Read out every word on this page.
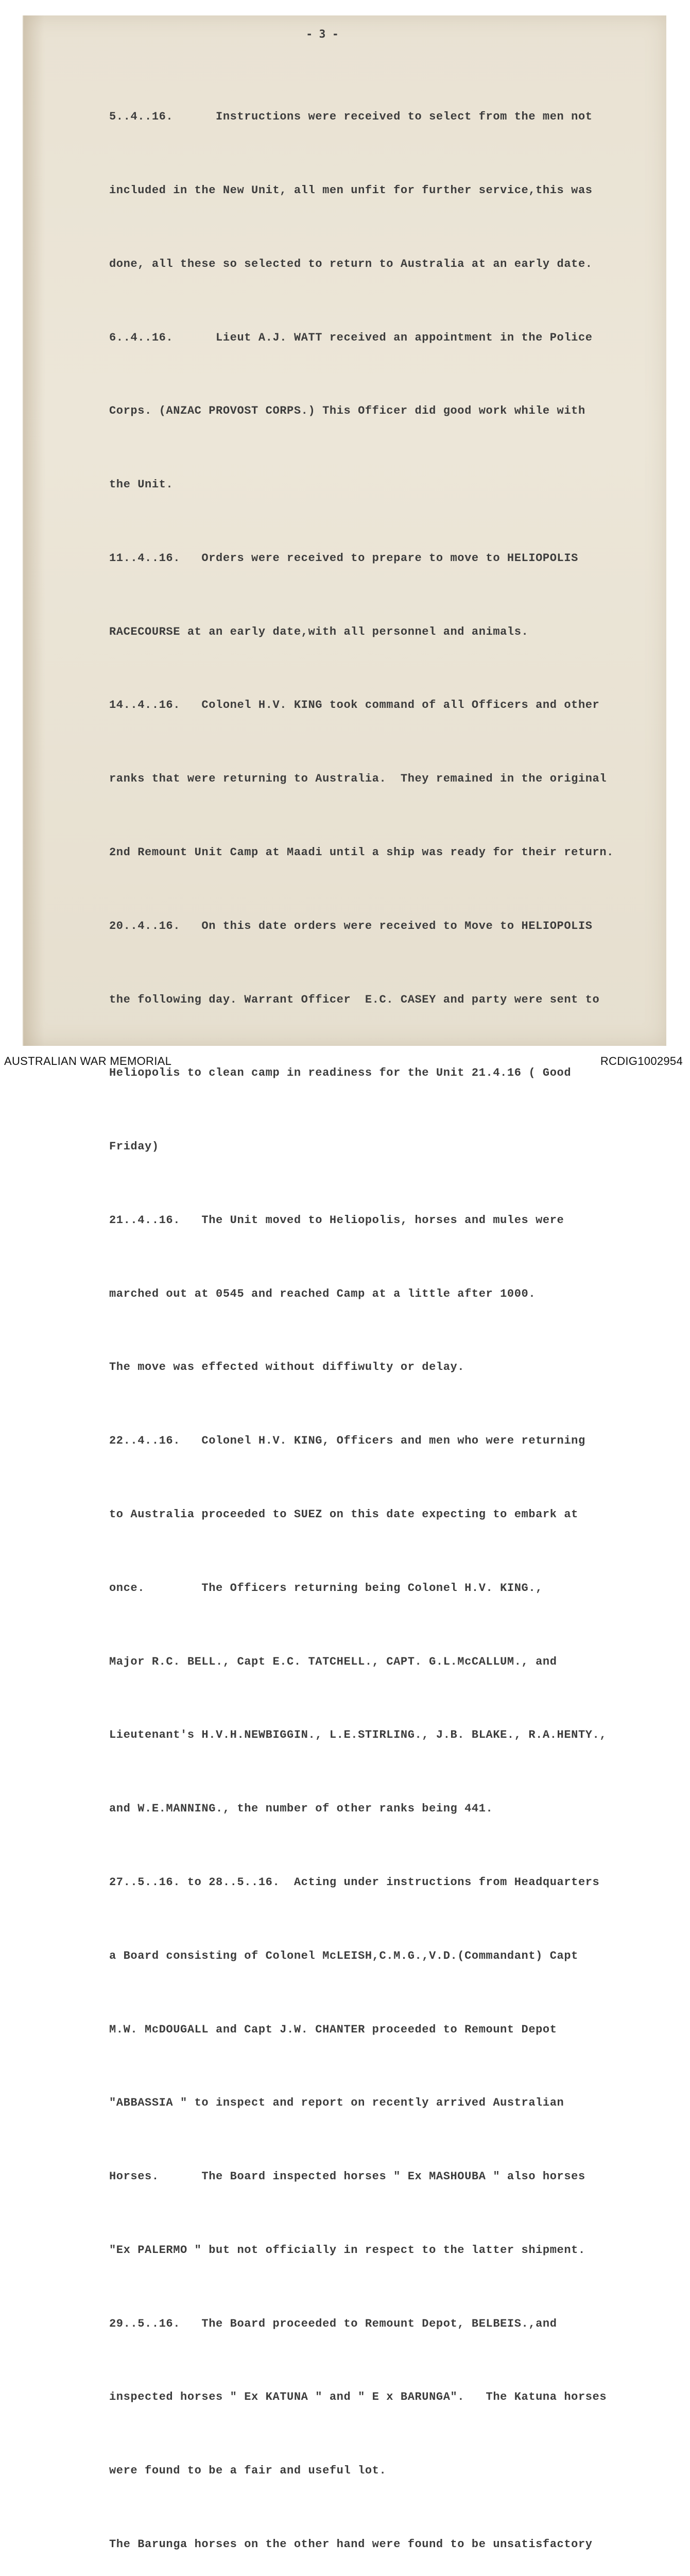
- 3 -

5..4..16.      Instructions were received to select from the men not

included in the New Unit, all men unfit for further service,this was

done, all these so selected to return to Australia at an early date.

6..4..16.      Lieut A.J. WATT received an appointment in the Police

Corps. (ANZAC PROVOST CORPS.) This Officer did good work while with

the Unit.

11..4..16.   Orders were received to prepare to move to HELIOPOLIS

RACECOURSE at an early date,with all personnel and animals.

14..4..16.   Colonel H.V. KING took command of all Officers and other

ranks that were returning to Australia.  They remained in the original

2nd Remount Unit Camp at Maadi until a ship was ready for their return.

20..4..16.   On this date orders were received to Move to HELIOPOLIS

the following day. Warrant Officer  E.C. CASEY and party were sent to

Heliopolis to clean camp in readiness for the Unit 21.4.16 ( Good

Friday)

21..4..16.   The Unit moved to Heliopolis, horses and mules were

marched out at 0545 and reached Camp at a little after 1000.

The move was effected without diffiwulty or delay.

22..4..16.   Colonel H.V. KING, Officers and men who were returning

to Australia proceeded to SUEZ on this date expecting to embark at

once.        The Officers returning being Colonel H.V. KING.,

Major R.C. BELL., Capt E.C. TATCHELL., CAPT. G.L.McCALLUM., and

Lieutenant's H.V.H.NEWBIGGIN., L.E.STIRLING., J.B. BLAKE., R.A.HENTY.,

and W.E.MANNING., the number of other ranks being 441.

27..5..16. to 28..5..16.  Acting under instructions from Headquarters

a Board consisting of Colonel McLEISH,C.M.G.,V.D.(Commandant) Capt

M.W. McDOUGALL and Capt J.W. CHANTER proceeded to Remount Depot

"ABBASSIA " to inspect and report on recently arrived Australian

Horses.      The Board inspected horses " Ex MASHOUBA " also horses

"Ex PALERMO " but not officially in respect to the latter shipment.

29..5..16.   The Board proceeded to Remount Depot, BELBEIS.,and

inspected horses " Ex KATUNA " and " E x BARUNGA".   The Katuna horses

were found to be a fair and useful lot.

The Barunga horses on the other hand were found to be unsatisfactory

AUSTRALIAN WAR MEMORIAL	RCDIG1002954
